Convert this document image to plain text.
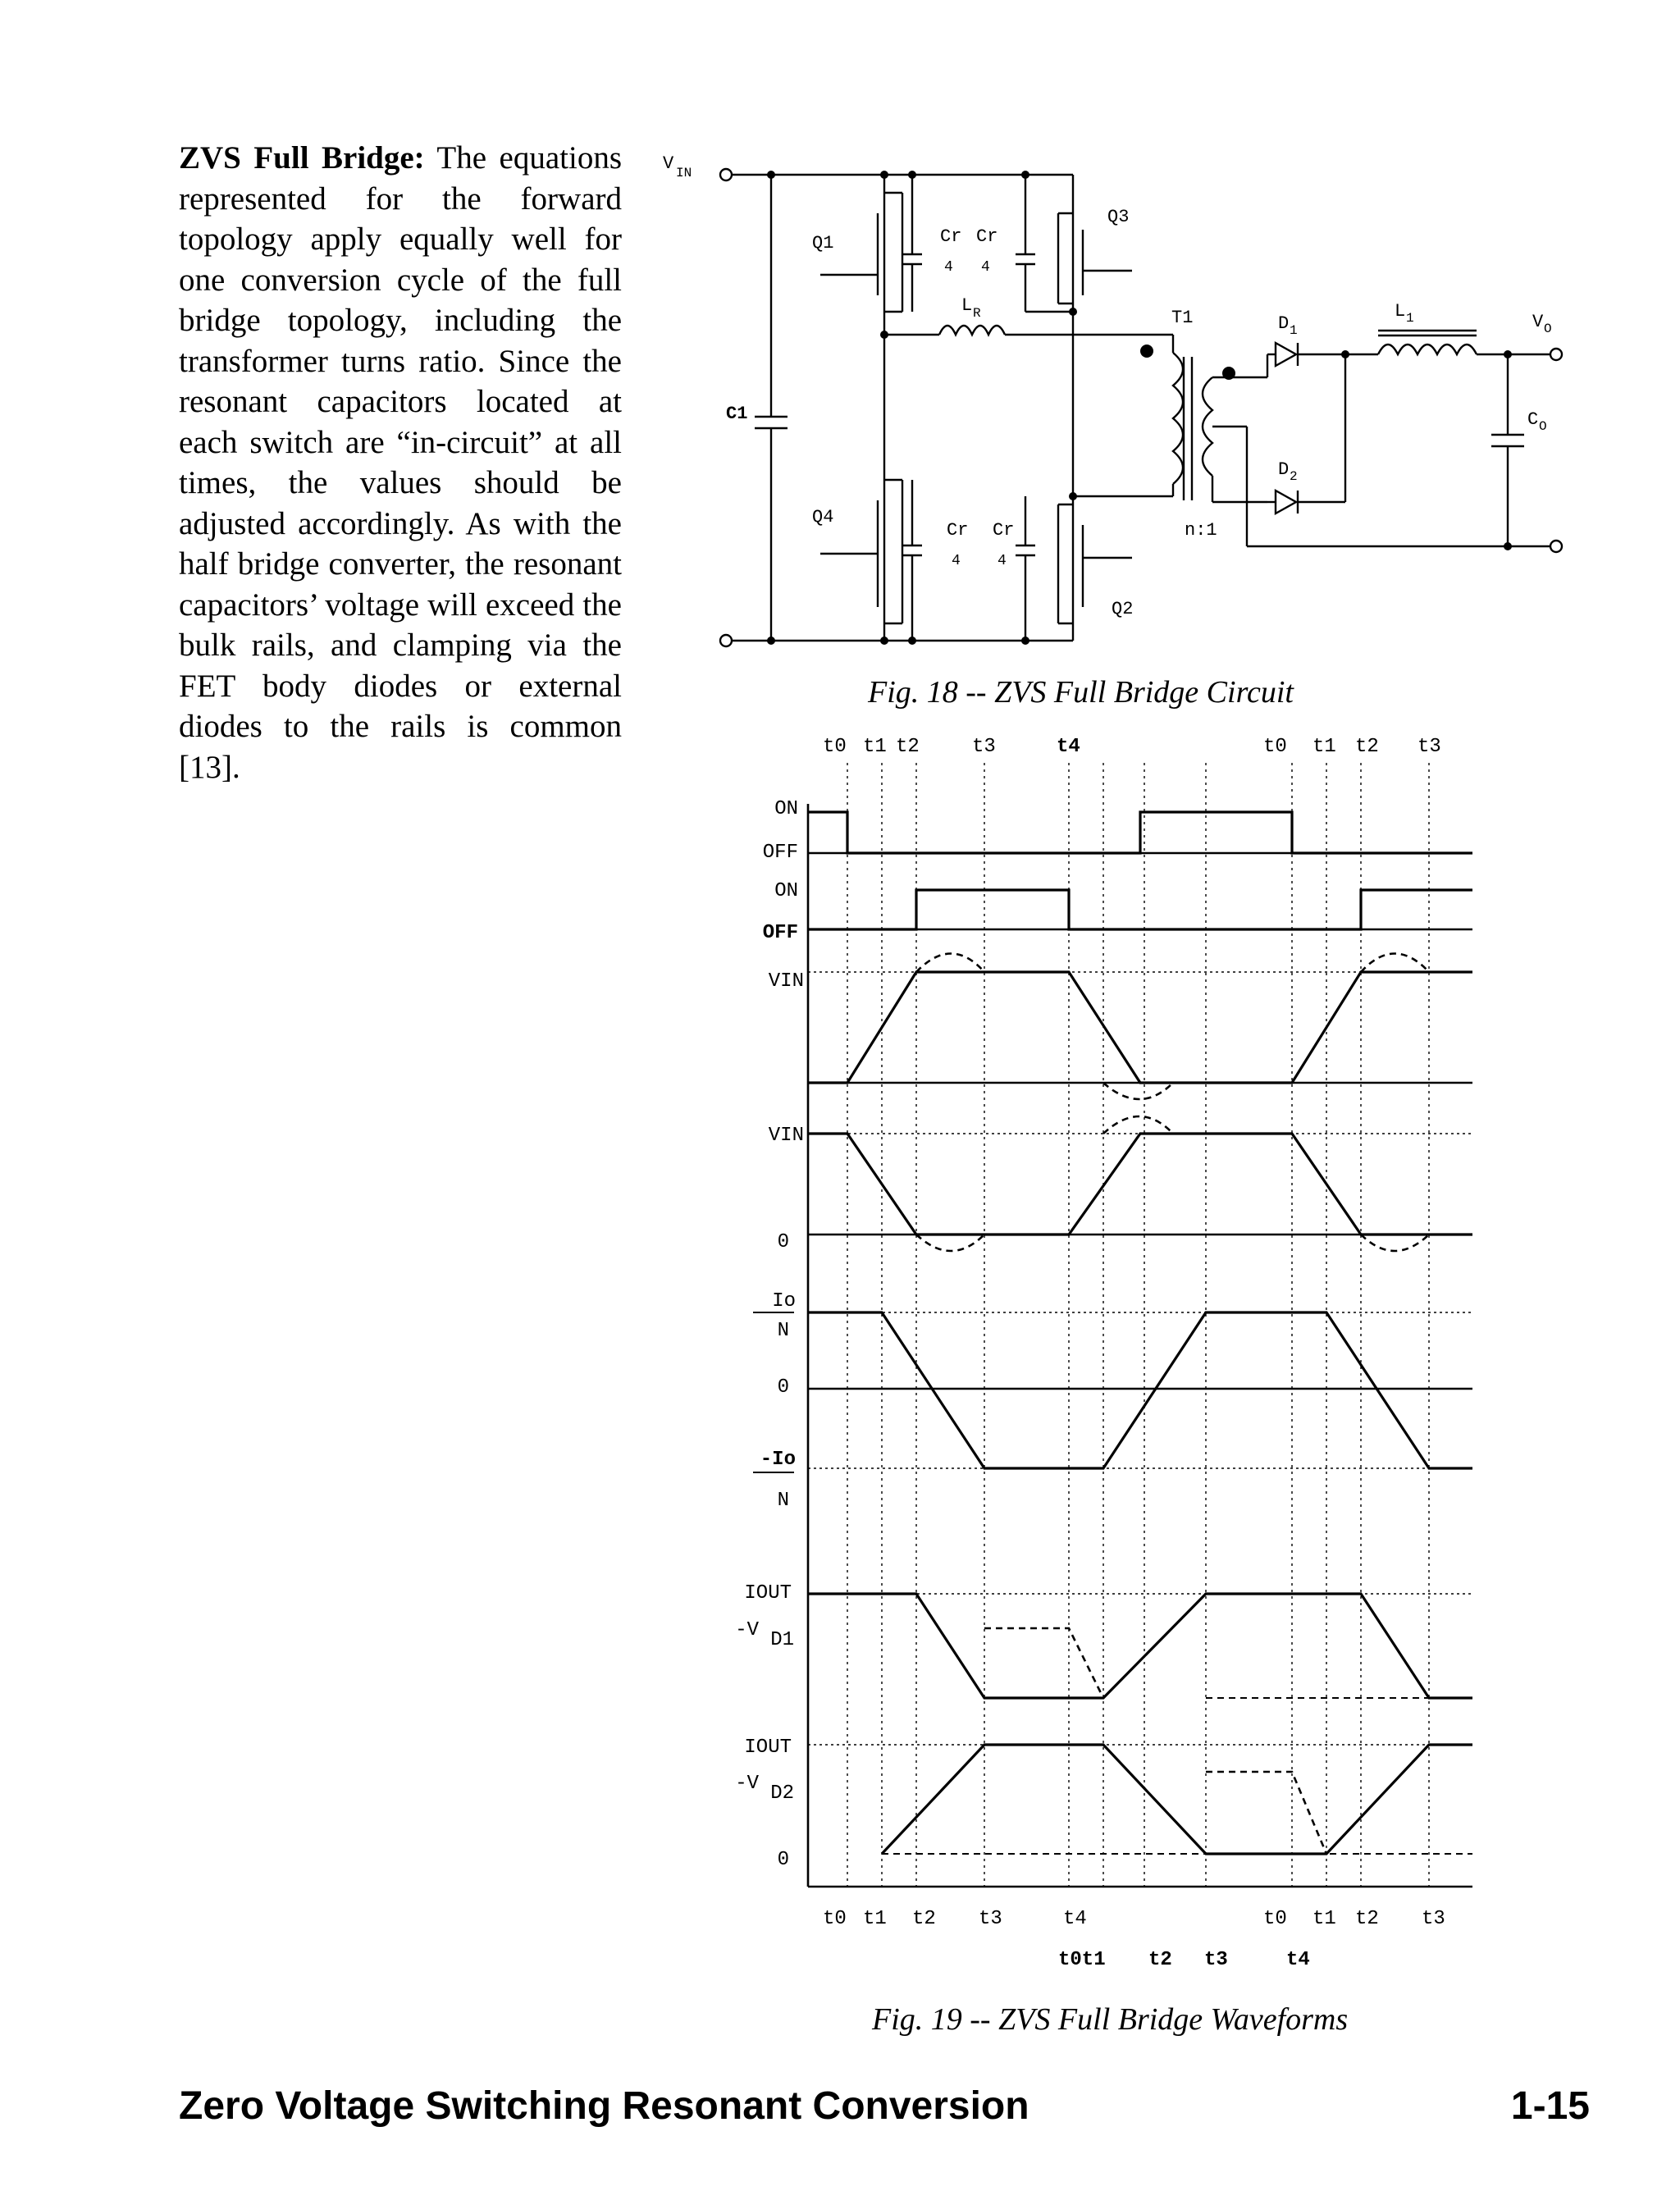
ZVS Full Bridge: The equations represented for the forward topology apply equally well for one conversion cycle of the full bridge topology, including the transformer turns ratio. Since the resonant capacitors located at each switch are “in-circuit” at all times, the values should be adjusted accordingly. As with the half bridge converter, the resonant capacitors’ voltage will exceed the bulk rails, and clamping via the FET body diodes or external diodes to the rails is common [13].
V IN
Q1
Q3
Q4
Q2
C1
Cr Cr
4 4
Cr Cr
4	4
L R	T1
n:1
D 1
D 2
L 1	V O
C O
Fig. 18 -- ZVS Full Bridge Circuit
t0 t1 t2	t3	t4	t0 t1 t2 t3
ON
OFF
ON
OFF
VIN
VIN
0
Io
N
0
-Io
N
IOUT
-V D1
IOUT
-V D2
0
t0 t1 t2 t3	t4	t0 t1 t2 t3
t0t1 t2 t3	t4
Fig. 19 -- ZVS Full Bridge Waveforms
Zero Voltage Switching Resonant Conversion	1-15
